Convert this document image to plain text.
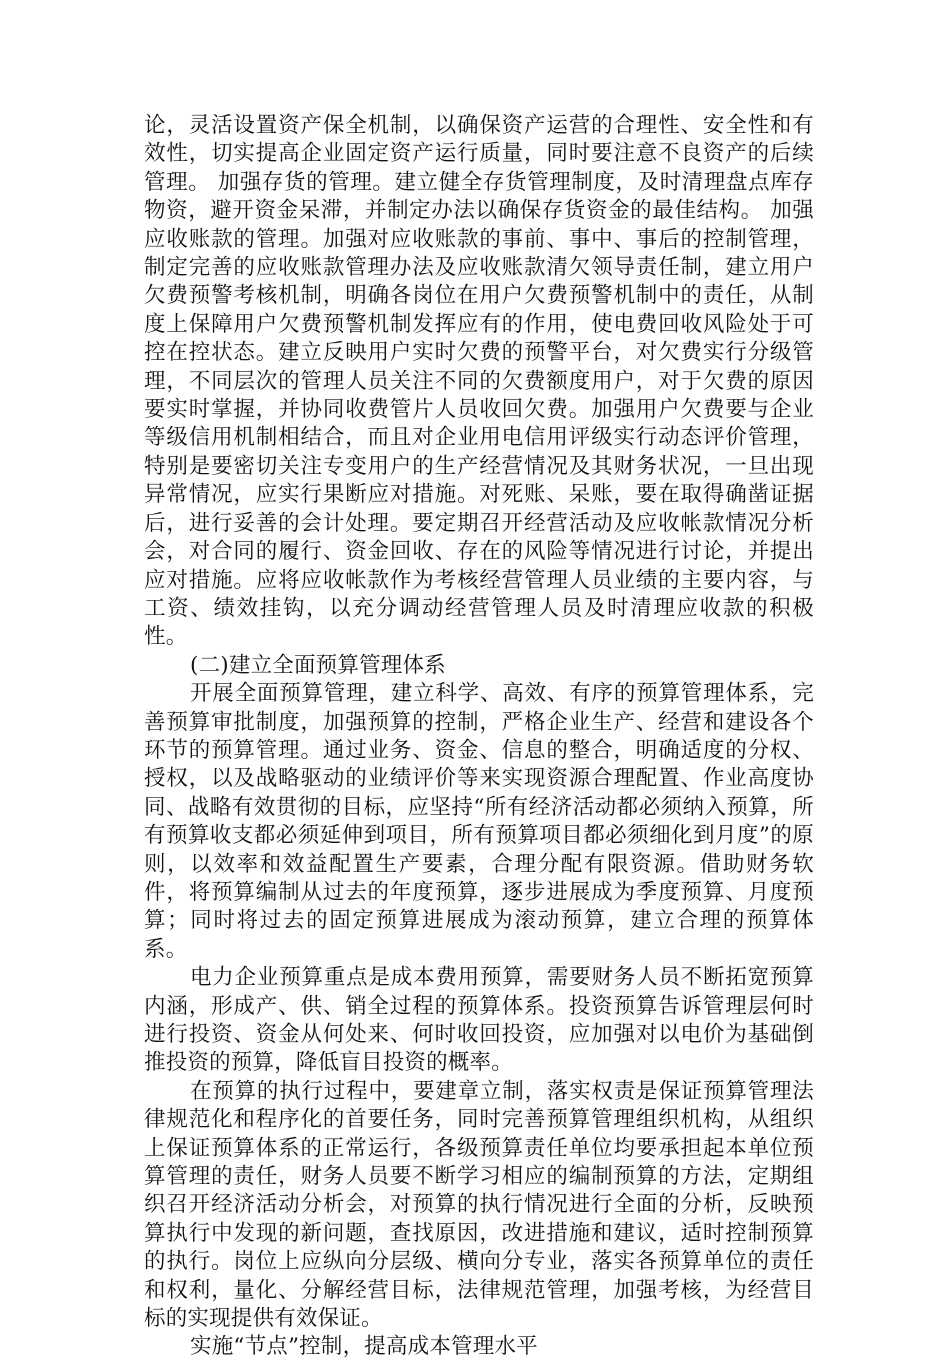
论，灵活设置资产保全机制，以确保资产运营的合理性、安全性和有效性，切实提高企业固定资产运行质量，同时要注意不良资产的后续管理。 加强存货的管理。建立健全存货管理制度，及时清理盘点库存物资，避开资金呆滞，并制定办法以确保存货资金的最佳结构。 加强应收账款的管理。加强对应收账款的事前、事中、事后的控制管理，制定完善的应收账款管理办法及应收账款清欠领导责任制，建立用户欠费预警考核机制，明确各岗位在用户欠费预警机制中的责任，从制度上保障用户欠费预警机制发挥应有的作用，使电费回收风险处于可控在控状态。建立反映用户实时欠费的预警平台，对欠费实行分级管理，不同层次的管理人员关注不同的欠费额度用户，对于欠费的原因要实时掌握，并协同收费管片人员收回欠费。加强用户欠费要与企业等级信用机制相结合，而且对企业用电信用评级实行动态评价管理，特别是要密切关注专变用户的生产经营情况及其财务状况，一旦出现异常情况，应实行果断应对措施。对死账、呆账，要在取得确凿证据后，进行妥善的会计处理。要定期召开经营活动及应收帐款情况分析会，对合同的履行、资金回收、存在的风险等情况进行讨论，并提出应对措施。应将应收帐款作为考核经营管理人员业绩的主要内容，与工资、绩效挂钩，以充分调动经营管理人员及时清理应收款的积极性。

(二)建立全面预算管理体系

开展全面预算管理，建立科学、高效、有序的预算管理体系，完善预算审批制度，加强预算的控制，严格企业生产、经营和建设各个环节的预算管理。通过业务、资金、信息的整合，明确适度的分权、授权，以及战略驱动的业绩评价等来实现资源合理配置、作业高度协同、战略有效贯彻的目标，应坚持“所有经济活动都必须纳入预算，所有预算收支都必须延伸到项目，所有预算项目都必须细化到月度”的原则，以效率和效益配置生产要素，合理分配有限资源。借助财务软件，将预算编制从过去的年度预算，逐步进展成为季度预算、月度预算；同时将过去的固定预算进展成为滚动预算，建立合理的预算体系。

电力企业预算重点是成本费用预算，需要财务人员不断拓宽预算内涵，形成产、供、销全过程的预算体系。投资预算告诉管理层何时进行投资、资金从何处来、何时收回投资，应加强对以电价为基础倒推投资的预算，降低盲目投资的概率。

在预算的执行过程中，要建章立制，落实权责是保证预算管理法律规范化和程序化的首要任务，同时完善预算管理组织机构，从组织上保证预算体系的正常运行，各级预算责任单位均要承担起本单位预算管理的责任，财务人员要不断学习相应的编制预算的方法，定期组织召开经济活动分析会，对预算的执行情况进行全面的分析，反映预算执行中发现的新问题，查找原因，改进措施和建议，适时控制预算的执行。岗位上应纵向分层级、横向分专业，落实各预算单位的责任和权利，量化、分解经营目标，法律规范管理，加强考核，为经营目标的实现提供有效保证。

实施“节点”控制，提高成本管理水平
